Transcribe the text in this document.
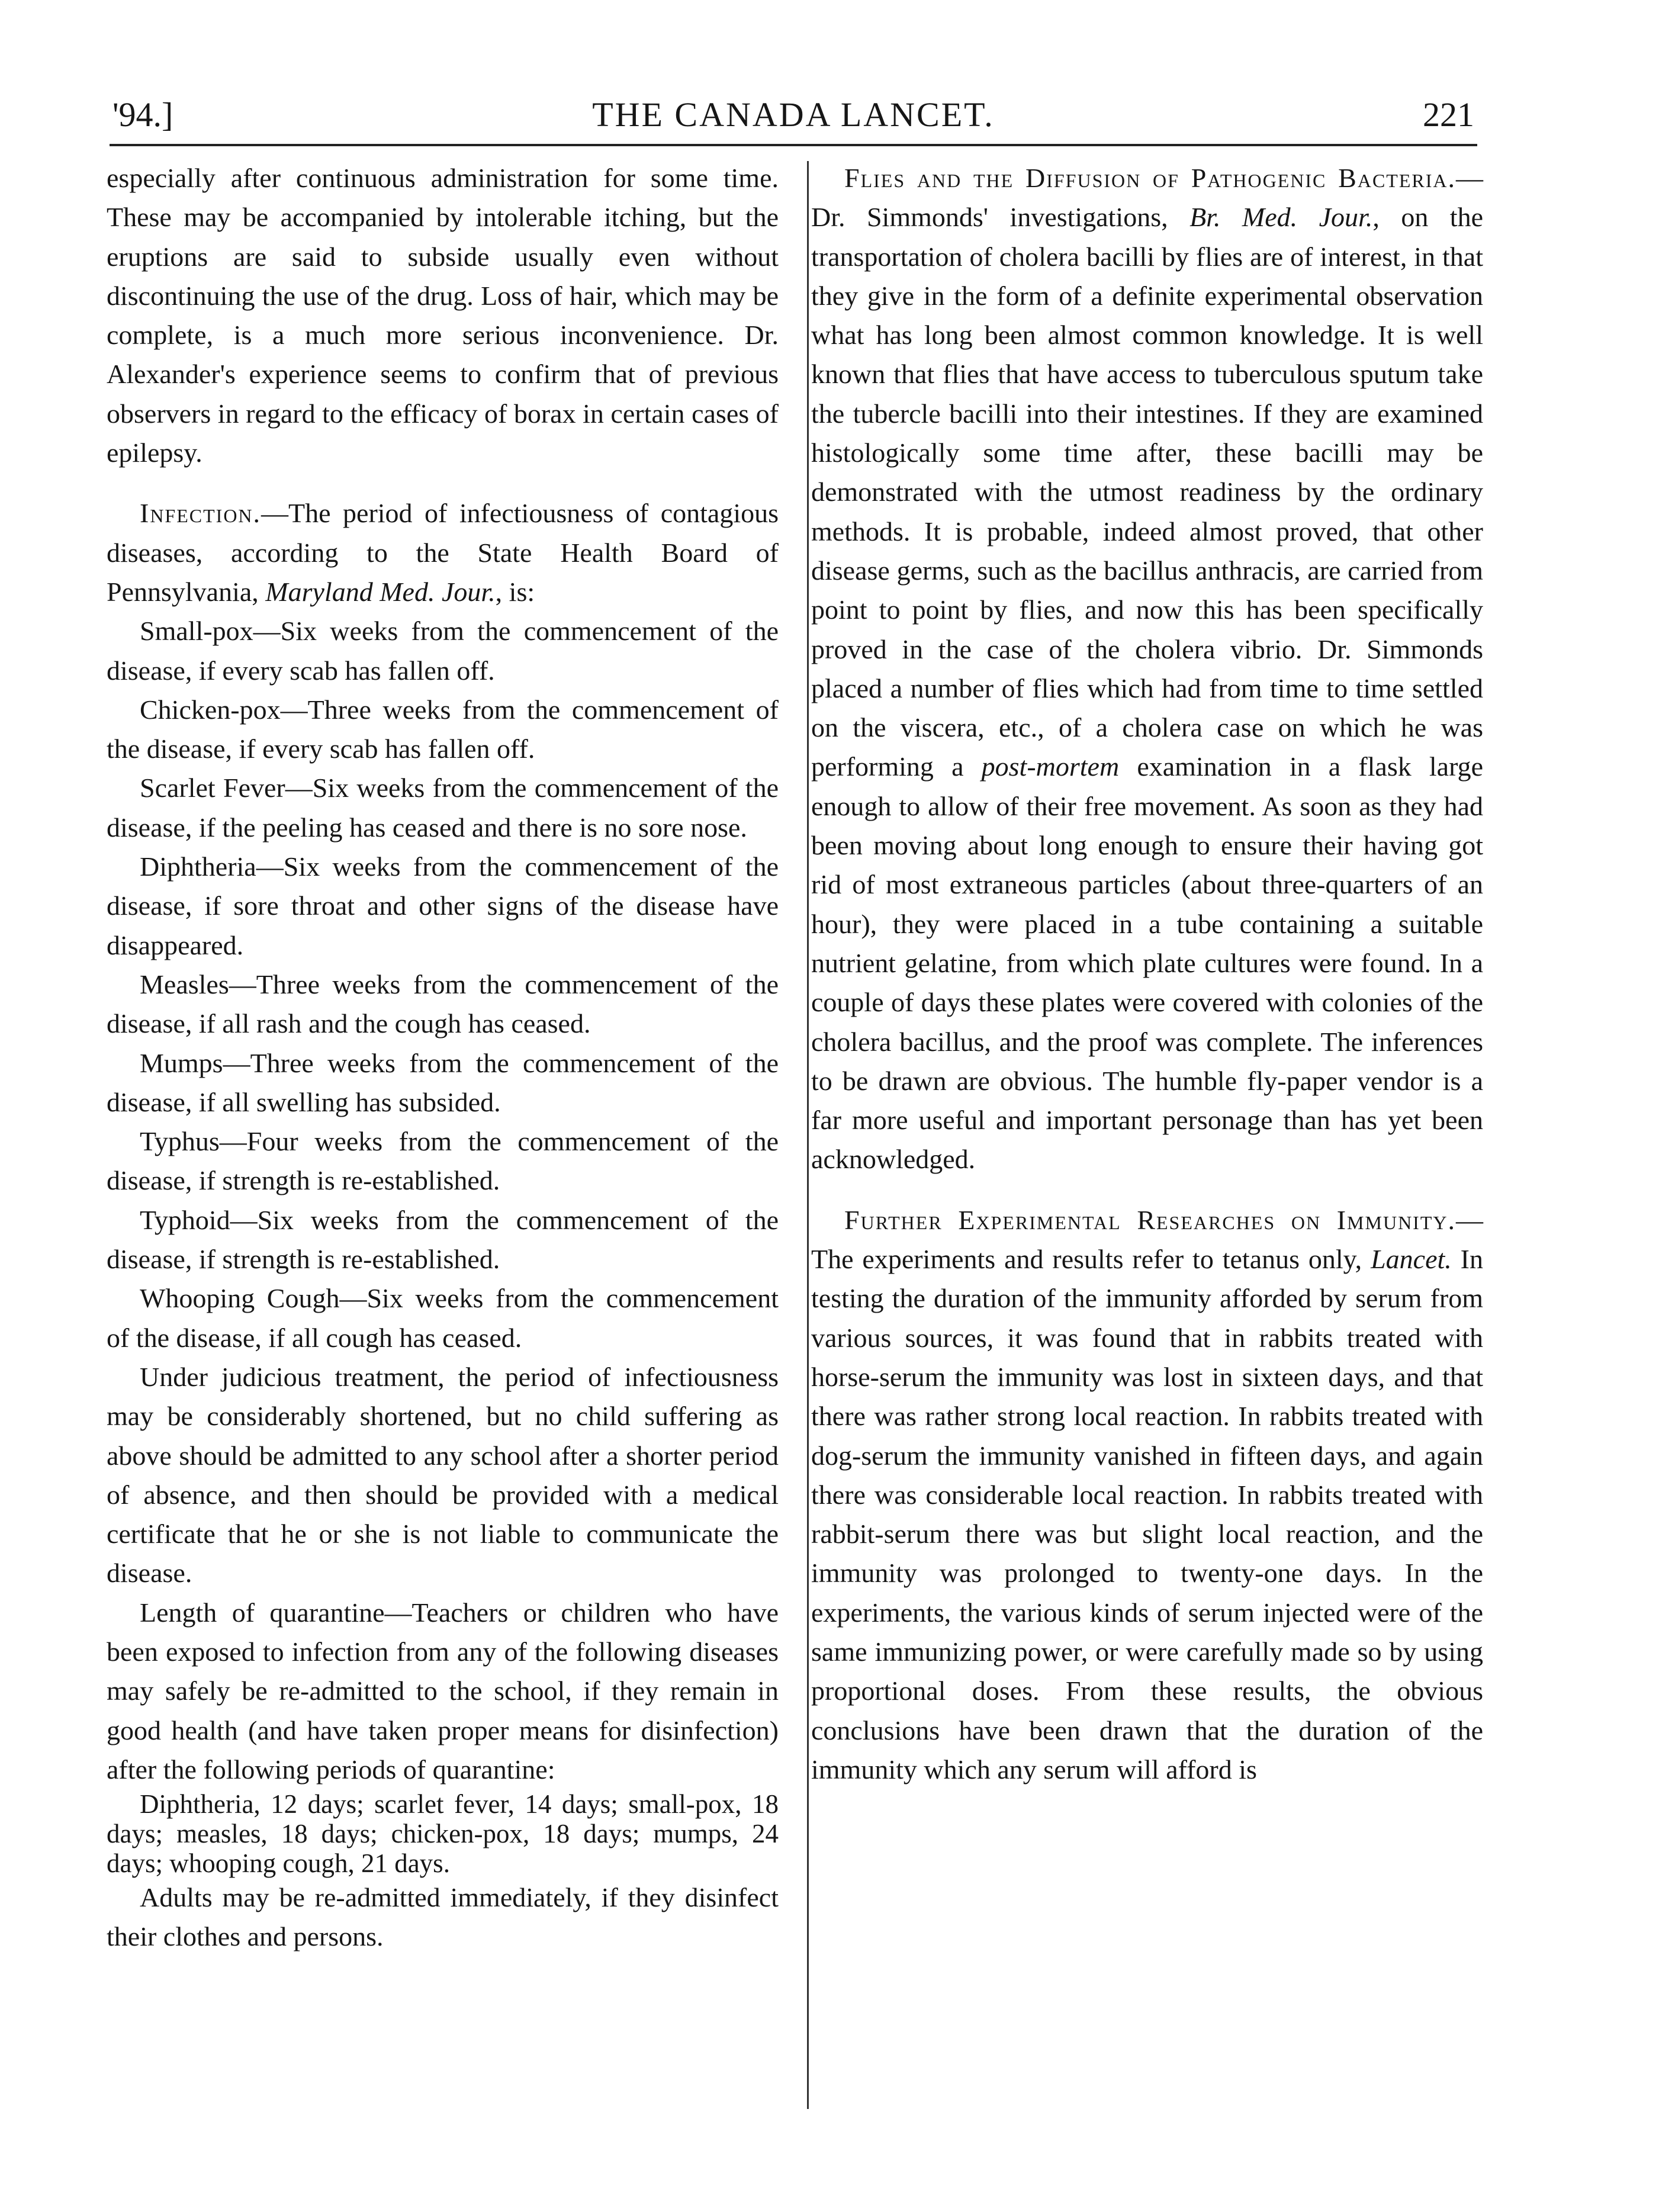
'94.]	THE CANADA LANCET.	221

especially after continuous administration for some time. These may be accompanied by intolerable itching, but the eruptions are said to subside usually even without discontinuing the use of the drug. Loss of hair, which may be complete, is a much more serious inconvenience. Dr. Alexander's experience seems to confirm that of previous observers in regard to the efficacy of borax in certain cases of epilepsy.

Infection.—The period of infectiousness of contagious diseases, according to the State Health Board of Pennsylvania, Maryland Med. Jour., is:

Small-pox—Six weeks from the commencement of the disease, if every scab has fallen off.

Chicken-pox—Three weeks from the commencement of the disease, if every scab has fallen off.

Scarlet Fever—Six weeks from the commencement of the disease, if the peeling has ceased and there is no sore nose.

Diphtheria—Six weeks from the commencement of the disease, if sore throat and other signs of the disease have disappeared.

Measles—Three weeks from the commencement of the disease, if all rash and the cough has ceased.

Mumps—Three weeks from the commencement of the disease, if all swelling has subsided.

Typhus—Four weeks from the commencement of the disease, if strength is re-established.

Typhoid—Six weeks from the commencement of the disease, if strength is re-established.

Whooping Cough—Six weeks from the commencement of the disease, if all cough has ceased.

Under judicious treatment, the period of infectiousness may be considerably shortened, but no child suffering as above should be admitted to any school after a shorter period of absence, and then should be provided with a medical certificate that he or she is not liable to communicate the disease.

Length of quarantine—Teachers or children who have been exposed to infection from any of the following diseases may safely be re-admitted to the school, if they remain in good health (and have taken proper means for disinfection) after the following periods of quarantine:

Diphtheria, 12 days; scarlet fever, 14 days; small-pox, 18 days; measles, 18 days; chicken-pox, 18 days; mumps, 24 days; whooping cough, 21 days.

Adults may be re-admitted immediately, if they disinfect their clothes and persons.

Flies and the Diffusion of Pathogenic Bacteria.—Dr. Simmonds' investigations, Br. Med. Jour., on the transportation of cholera bacilli by flies are of interest, in that they give in the form of a definite experimental observation what has long been almost common knowledge. It is well known that flies that have access to tuberculous sputum take the tubercle bacilli into their intestines. If they are examined histologically some time after, these bacilli may be demonstrated with the utmost readiness by the ordinary methods. It is probable, indeed almost proved, that other disease germs, such as the bacillus anthracis, are carried from point to point by flies, and now this has been specifically proved in the case of the cholera vibrio. Dr. Simmonds placed a number of flies which had from time to time settled on the viscera, etc., of a cholera case on which he was performing a post-mortem examination in a flask large enough to allow of their free movement. As soon as they had been moving about long enough to ensure their having got rid of most extraneous particles (about three-quarters of an hour), they were placed in a tube containing a suitable nutrient gelatine, from which plate cultures were found. In a couple of days these plates were covered with colonies of the cholera bacillus, and the proof was complete. The inferences to be drawn are obvious. The humble fly-paper vendor is a far more useful and important personage than has yet been acknowledged.

Further Experimental Researches on Immunity.—The experiments and results refer to tetanus only, Lancet. In testing the duration of the immunity afforded by serum from various sources, it was found that in rabbits treated with horse-serum the immunity was lost in sixteen days, and that there was rather strong local reaction. In rabbits treated with dog-serum the immunity vanished in fifteen days, and again there was considerable local reaction. In rabbits treated with rabbit-serum there was but slight local reaction, and the immunity was prolonged to twenty-one days. In the experiments, the various kinds of serum injected were of the same immunizing power, or were carefully made so by using proportional doses. From these results, the obvious conclusions have been drawn that the duration of the immunity which any serum will afford is
